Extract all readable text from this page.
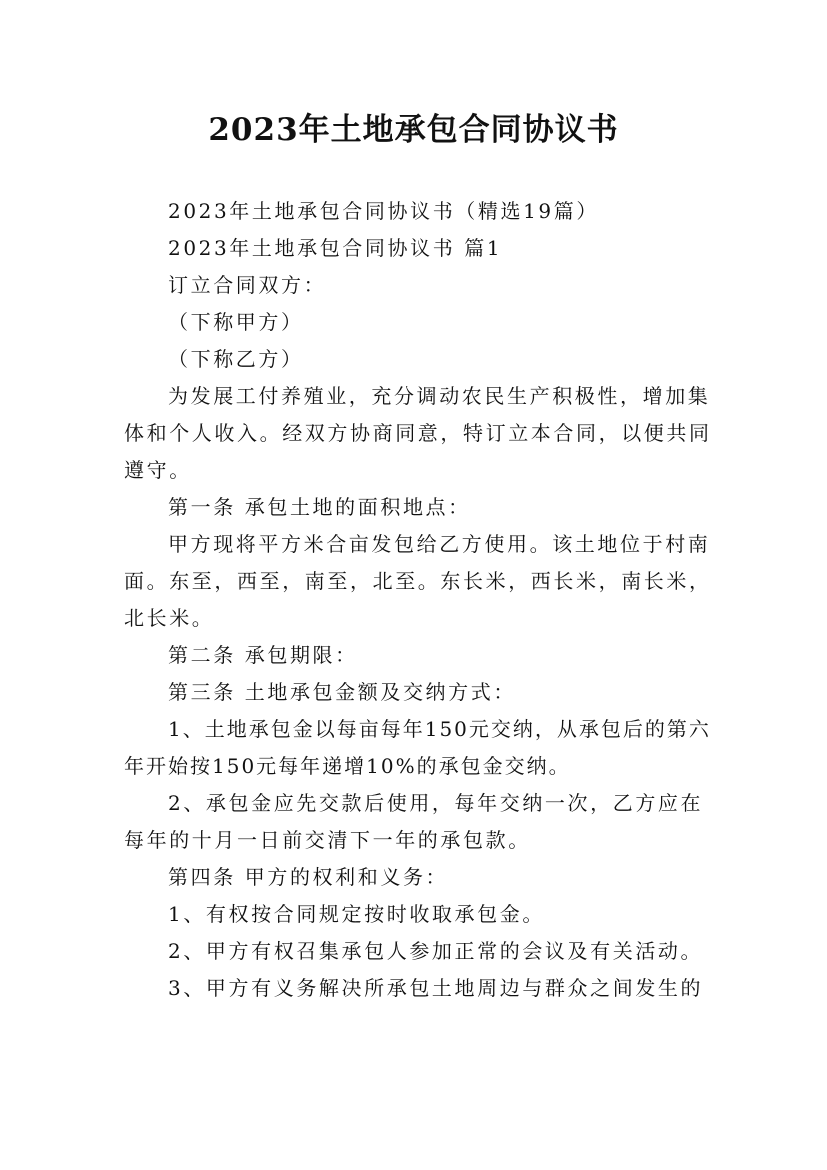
2023年土地承包合同协议书

2023年土地承包合同协议书（精选19篇）

2023年土地承包合同协议书 篇1

订立合同双方：

（下称甲方）

（下称乙方）

为发展工付养殖业，充分调动农民生产积极性，增加集体和个人收入。经双方协商同意，特订立本合同，以便共同遵守。

第一条 承包土地的面积地点：

甲方现将平方米合亩发包给乙方使用。该土地位于村南面。东至，西至，南至，北至。东长米，西长米，南长米，北长米。

第二条 承包期限：

第三条 土地承包金额及交纳方式：

1、土地承包金以每亩每年150元交纳，从承包后的第六年开始按150元每年递增10%的承包金交纳。

2、承包金应先交款后使用，每年交纳一次，乙方应在每年的十月一日前交清下一年的承包款。

第四条 甲方的权利和义务：

1、有权按合同规定按时收取承包金。

2、甲方有权召集承包人参加正常的会议及有关活动。

3、甲方有义务解决所承包土地周边与群众之间发生的
